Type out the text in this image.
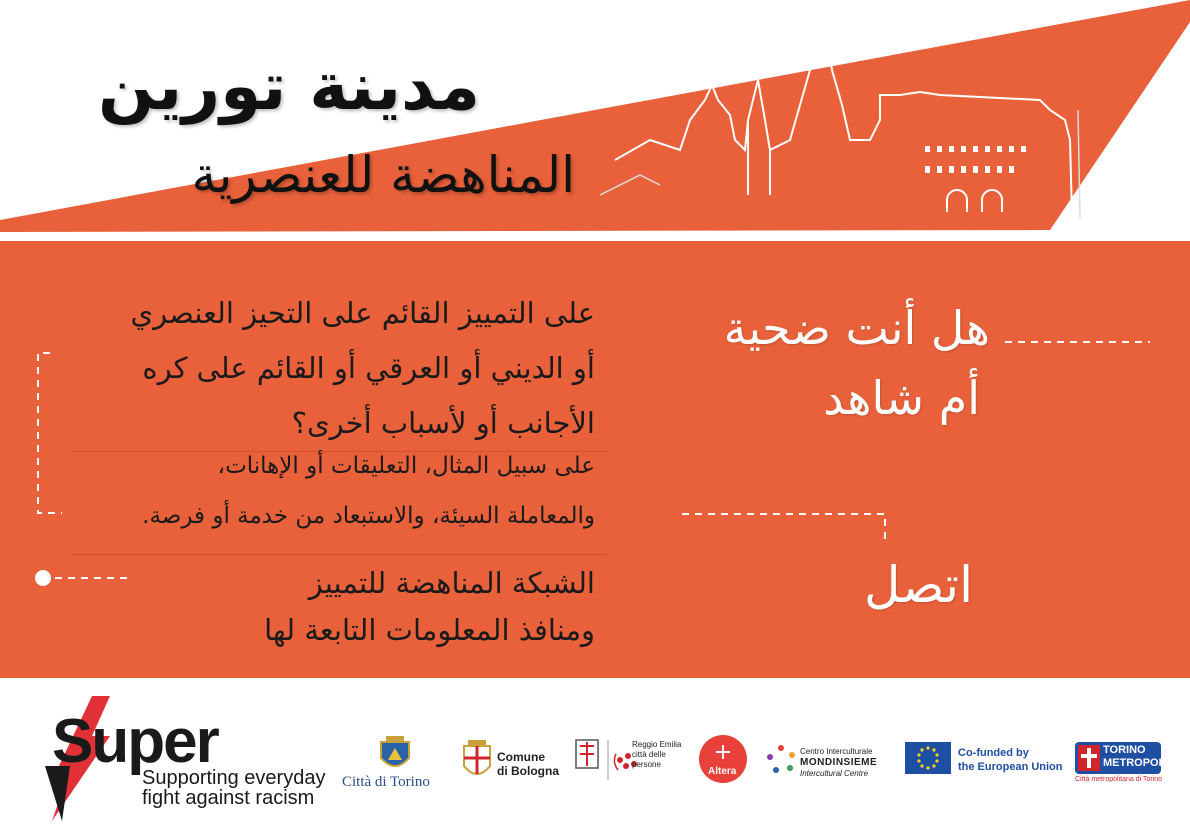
مدينة تورين
المناهضة للعنصرية
على التمييز القائم على التحيز العنصري
أو الديني أو العرقي أو القائم على كره
الأجانب أو لأسباب أخرى؟
على سبيل المثال، التعليقات أو الإهانات،
والمعاملة السيئة، والاستبعاد من خدمة أو فرصة.
الشبكة المناهضة للتمييز
ومنافذ المعلومات التابعة لها
هل أنت ضحية
أم شاهد
اتصل
Super
Supporting everyday
fight against racism
Città di Torino
Comune
di Bologna
Reggio Emilia città delle persone
Altera
Centro Interculturale
MONDINSIEME
Intercultural Centre
Co-funded by
the European Union
TORINO
METROPOLI
Città metropolitana di Torino
